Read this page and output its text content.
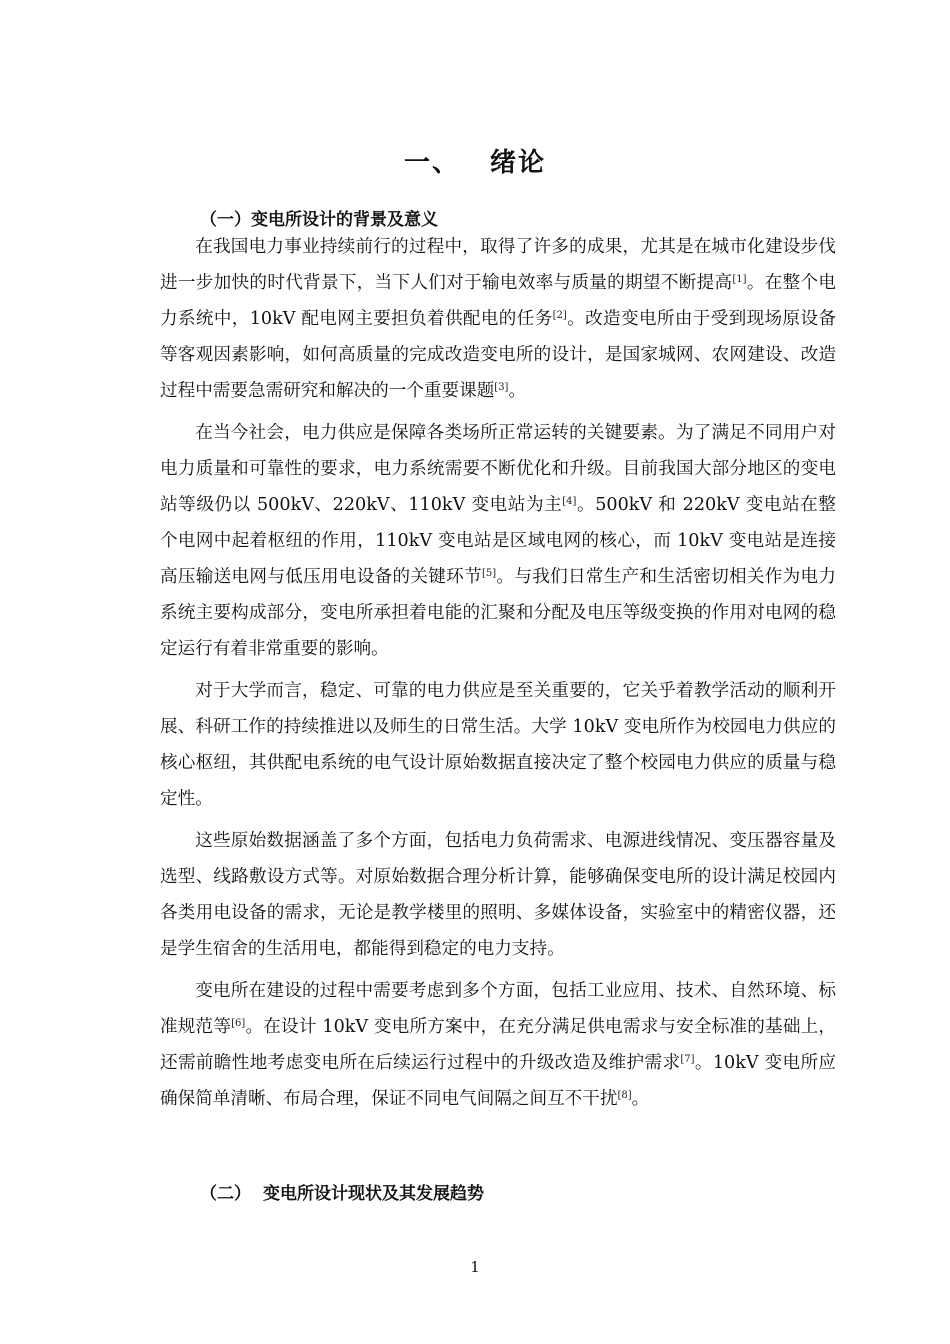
一、 绪论
（一）变电所设计的背景及意义

在我国电力事业持续前行的过程中，取得了许多的成果，尤其是在城市化建设步伐进一步加快的时代背景下，当下人们对于输电效率与质量的期望不断提高[1]。在整个电力系统中，10kV 配电网主要担负着供配电的任务[2]。改造变电所由于受到现场原设备等客观因素影响，如何高质量的完成改造变电所的设计，是国家城网、农网建设、改造过程中需要急需研究和解决的一个重要课题[3]。

在当今社会，电力供应是保障各类场所正常运转的关键要素。为了满足不同用户对电力质量和可靠性的要求，电力系统需要不断优化和升级。目前我国大部分地区的变电站等级仍以 500kV、220kV、110kV 变电站为主[4]。500kV 和 220kV 变电站在整个电网中起着枢纽的作用，110kV 变电站是区域电网的核心，而 10kV 变电站是连接高压输送电网与低压用电设备的关键环节[5]。与我们日常生产和生活密切相关作为电力系统主要构成部分，变电所承担着电能的汇聚和分配及电压等级变换的作用对电网的稳定运行有着非常重要的影响。

对于大学而言，稳定、可靠的电力供应是至关重要的，它关乎着教学活动的顺利开展、科研工作的持续推进以及师生的日常生活。大学 10kV 变电所作为校园电力供应的核心枢纽，其供配电系统的电气设计原始数据直接决定了整个校园电力供应的质量与稳定性。

这些原始数据涵盖了多个方面，包括电力负荷需求、电源进线情况、变压器容量及选型、线路敷设方式等。对原始数据合理分析计算，能够确保变电所的设计满足校园内各类用电设备的需求，无论是教学楼里的照明、多媒体设备，实验室中的精密仪器，还是学生宿舍的生活用电，都能得到稳定的电力支持。

变电所在建设的过程中需要考虑到多个方面，包括工业应用、技术、自然环境、标准规范等[6]。在设计 10kV 变电所方案中，在充分满足供电需求与安全标准的基础上，还需前瞻性地考虑变电所在后续运行过程中的升级改造及维护需求[7]。10kV 变电所应确保简单清晰、布局合理，保证不同电气间隔之间互不干扰[8]。

（二） 变电所设计现状及其发展趋势
1
